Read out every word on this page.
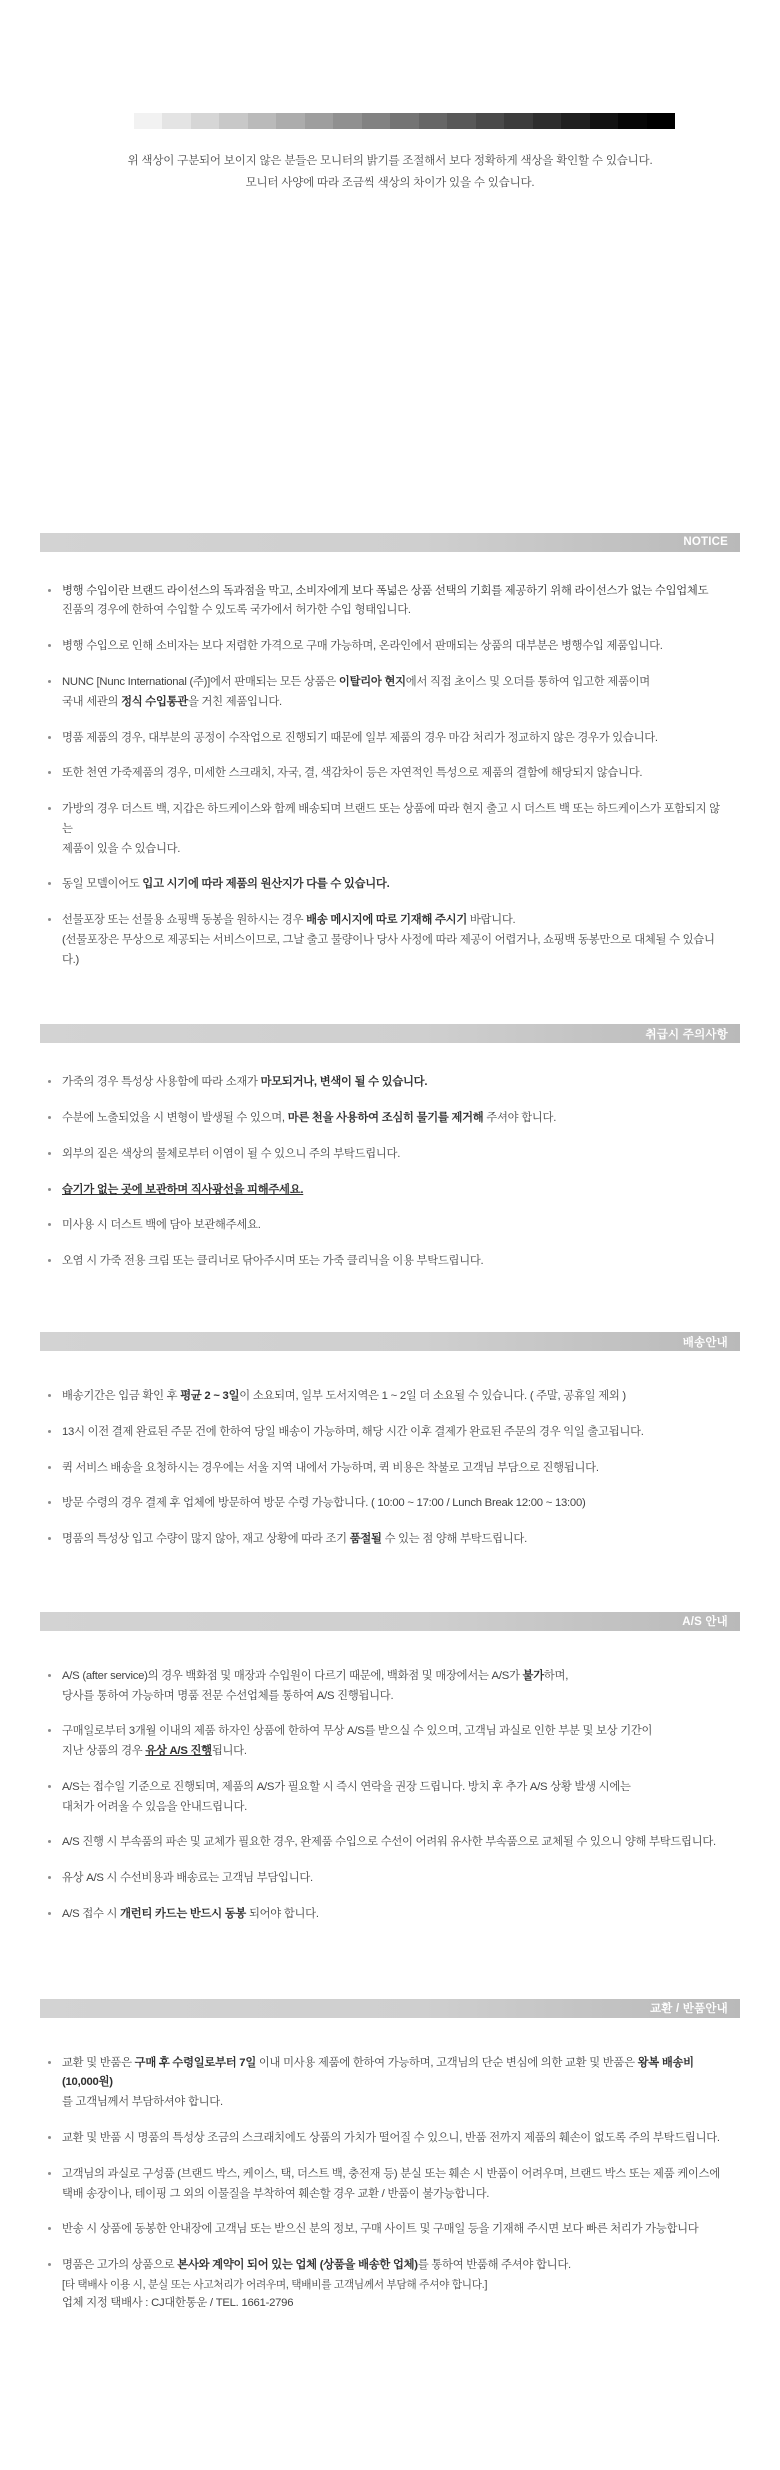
위 색상이 구분되어 보이지 않은 분들은 모니터의 밝기를 조절해서 보다 정확하게 색상을 확인할 수 있습니다.
모니터 사양에 따라 조금씩 색상의 차이가 있을 수 있습니다.
NOTICE
병행 수입이란 브랜드 라이선스의 독과점을 막고, 소비자에게 보다 폭넓은 상품 선택의 기회를 제공하기 위해 라이선스가 없는 수입업체도
진품의 경우에 한하여 수입할 수 있도록 국가에서 허가한 수입 형태입니다.
병행 수입으로 인해 소비자는 보다 저렴한 가격으로 구매 가능하며, 온라인에서 판매되는 상품의 대부분은 병행수입 제품입니다.
NUNC [Nunc International (주)]에서 판매되는 모든 상품은 이탈리아 현지에서 직접 초이스 및 오더를 통하여 입고한 제품이며
국내 세관의 정식 수입통관을 거친 제품입니다.
명품 제품의 경우, 대부분의 공정이 수작업으로 진행되기 때문에 일부 제품의 경우 마감 처리가 정교하지 않은 경우가 있습니다.
또한 천연 가죽제품의 경우, 미세한 스크래치, 자국, 결, 색감차이 등은 자연적인 특성으로 제품의 결함에 해당되지 않습니다.
가방의 경우 더스트 백, 지갑은 하드케이스와 함께 배송되며 브랜드 또는 상품에 따라 현지 출고 시 더스트 백 또는 하드케이스가 포함되지 않는
제품이 있을 수 있습니다.
동일 모델이어도 입고 시기에 따라 제품의 원산지가 다를 수 있습니다.
선물포장 또는 선물용 쇼핑백 동봉을 원하시는 경우 배송 메시지에 따로 기재해 주시기 바랍니다.
(선물포장은 무상으로 제공되는 서비스이므로, 그날 출고 물량이나 당사 사정에 따라 제공이 어렵거나, 쇼핑백 동봉만으로 대체될 수 있습니다.)
취급시 주의사항
가죽의 경우 특성상 사용함에 따라 소재가 마모되거나, 변색이 될 수 있습니다.
수분에 노출되었을 시 변형이 발생될 수 있으며, 마른 천을 사용하여 조심히 물기를 제거해 주셔야 합니다.
외부의 짙은 색상의 물체로부터 이염이 될 수 있으니 주의 부탁드립니다.
습기가 없는 곳에 보관하며 직사광선을 피해주세요.
미사용 시 더스트 백에 담아 보관해주세요.
오염 시 가죽 전용 크림 또는 클리너로 닦아주시며 또는 가죽 클리닉을 이용 부탁드립니다.
배송안내
배송기간은 입금 확인 후 평균 2 ~ 3일이 소요되며, 일부 도서지역은 1 ~ 2일 더 소요될 수 있습니다. ( 주말, 공휴일 제외 )
13시 이전 결제 완료된 주문 건에 한하여 당일 배송이 가능하며, 해당 시간 이후 결제가 완료된 주문의 경우 익일 출고됩니다.
퀵 서비스 배송을 요청하시는 경우에는 서울 지역 내에서 가능하며, 퀵 비용은 착불로 고객님 부담으로 진행됩니다.
방문 수령의 경우 결제 후 업체에 방문하여 방문 수령 가능합니다. ( 10:00 ~ 17:00 / Lunch Break 12:00 ~ 13:00)
명품의 특성상 입고 수량이 많지 않아, 재고 상황에 따라 조기 품절될 수 있는 점 양해 부탁드립니다.
A/S 안내
A/S (after service)의 경우 백화점 및 매장과 수입원이 다르기 때문에, 백화점 및 매장에서는 A/S가 불가하며,
당사를 통하여 가능하며 명품 전문 수선업체를 통하여 A/S 진행됩니다.
구매일로부터 3개월 이내의 제품 하자인 상품에 한하여 무상 A/S를 받으실 수 있으며, 고객님 과실로 인한 부분 및 보상 기간이
지난 상품의 경우 유상 A/S 진행됩니다.
A/S는 접수일 기준으로 진행되며, 제품의 A/S가 필요할 시 즉시 연락을 권장 드립니다. 방치 후 추가 A/S 상황 발생 시에는
대처가 어려울 수 있음을 안내드립니다.
A/S 진행 시 부속품의 파손 및 교체가 필요한 경우, 완제품 수입으로 수선이 어려워 유사한 부속품으로 교체될 수 있으니 양해 부탁드립니다.
유상 A/S 시 수선비용과 배송료는 고객님 부담입니다.
A/S 접수 시 개런티 카드는 반드시 동봉 되어야 합니다.
교환 / 반품안내
교환 및 반품은 구매 후 수령일로부터 7일 이내 미사용 제품에 한하여 가능하며, 고객님의 단순 변심에 의한 교환 및 반품은 왕복 배송비 (10,000원)
를 고객님께서 부담하셔야 합니다.
교환 및 반품 시 명품의 특성상 조금의 스크래치에도 상품의 가치가 떨어질 수 있으니, 반품 전까지 제품의 훼손이 없도록 주의 부탁드립니다.
고객님의 과실로 구성품 (브랜드 박스, 케이스, 택, 더스트 백, 충전재 등) 분실 또는 훼손 시 반품이 어려우며, 브랜드 박스 또는 제품 케이스에
택배 송장이나, 테이핑 그 외의 이물질을 부착하여 훼손할 경우 교환 / 반품이 불가능합니다.
반송 시 상품에 동봉한 안내장에 고객님 또는 받으신 분의 정보, 구매 사이트 및 구매일 등을 기재해 주시면 보다 빠른 처리가 가능합니다
명품은 고가의 상품으로 본사와 계약이 되어 있는 업체 (상품을 배송한 업체)를 통하여 반품해 주셔야 합니다.
[타 택배사 이용 시, 분실 또는 사고처리가 어려우며, 택배비를 고객님께서 부담해 주셔야 합니다.]
업체 지정 택배사 : CJ대한통운 / TEL. 1661-2796
